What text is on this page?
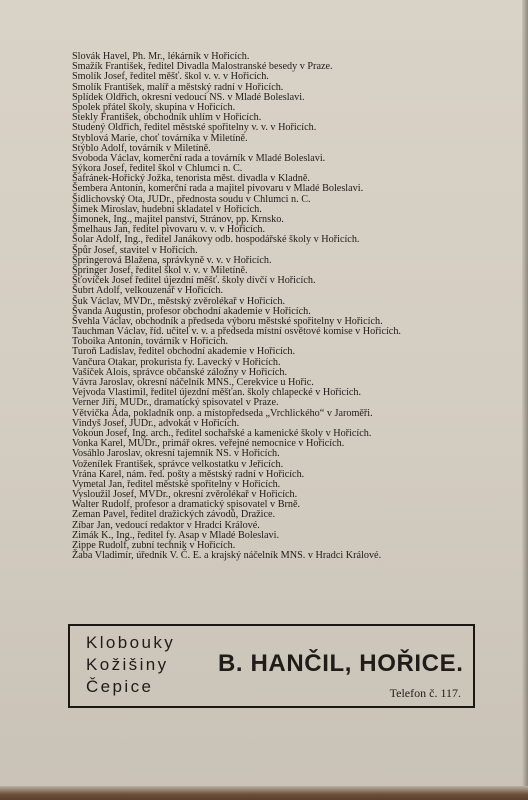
Slovák Havel, Ph. Mr., lékárník v Hořicích.
Smažík František, ředitel Divadla Malostranské besedy v Praze.
Smolík Josef, ředitel měšť. škol v. v. v Hořicích.
Smolík František, malíř a městský radní v Hořicích.
Splídek Oldřich, okresní vedoucí NS. v Mladé Boleslavi.
Spolek přátel školy, skupina v Hořicích.
Stekly František, obchodník uhlím v Hořicích.
Studený Oldřich, ředitel městské spořitelny v. v. v Hořicích.
Styblová Marie, choť továrníka v Miletíně.
Stýblo Adolf, továrník v Miletíně.
Svoboda Václav, komerční rada a továrník v Mladé Boleslavi.
Sýkora Josef, ředitel škol v Chlumci n. C.
Šafránek-Hořický Jožka, tenorista měst. divadla v Kladně.
Šembera Antonín, komerční rada a majitel pivovaru v Mladé Boleslavi.
Šidlichovský Ota, JUDr., přednosta soudu v Chlumci n. C.
Šimek Miroslav, hudební skladatel v Hořicích.
Šimonek, Ing., majitel panství, Stránov, pp. Krnsko.
Šmelhaus Jan, ředitel pivovaru v. v. v Hořicích.
Šolar Adolf, Ing., ředitel Janákovy odb. hospodářské školy v Hořicích.
Špůr Josef, stavitel v Hořicích.
Šprìngerová Blažena, správkyně v. v. v Hořicích.
Šprìnger Josef, ředitel škol v. v. v Miletíně.
Šťovíček Josef ředitel újezdní měšť. školy dívčí v Hořicích.
Šubrt Adolf, velkouzenář v Hořicích.
Šuk Václav, MVDr., městský zvěrolékař v Hořicích.
Švanda Augustin, profesor obchodní akademie v Hořicích.
Švehla Václav, obchodník a předseda výboru městské spořitelny v Hořicích.
Tauchman Václav, říd. učitel v. v. a předseda místní osvětové komise v Hořicích.
Toboika Antonín, továrník v Hořicích.
Turoň Ladislav, ředitel obchodní akademie v Hořicích.
Vančura Otakar, prokurista fy. Lavecký v Hořicích.
Vašíček Alois, správce občanské záložny v Hořicích.
Vávra Jaroslav, okresní náčelník MNS., Cerekvice u Hořic.
Vejvoda Vlastimil, ředitel újezdní měšťan. školy chlapecké v Hořicích.
Verner Jiří, MUDr., dramatický spisovatel v Praze.
Větvička Áda, pokladník onp. a místopředseda „Vrchlického“ v Jaroměři.
Vindyš Josef, JUDr., advokát v Hořicích.
Vokoun Josef, Ing. arch., ředitel sochařské a kamenické školy v Hořicích.
Vonka Karel, MUDr., primář okres. veřejné nemocnice v Hořicích.
Vosáhlo Jaroslav, okresní tajemník NS. v Hořicích.
Voženílek František, správce velkostatku v Jeřicích.
Vrána Karel, nám. řed. pošty a městský radní v Hořicích.
Vymetal Jan, ředitel městské spořitelny v Hořicích.
Vysloužil Josef, MVDr., okresní zvěrolékař v Hořicích.
Walter Rudolf, profesor a dramatický spisovatel v Brně.
Zeman Pavel, ředitel dražických závodů, Dražice.
Zíbar Jan, vedoucí redaktor v Hradci Králové.
Zimák K., Ing., ředitel fy. Asap v Mladé Boleslavi.
Zippe Rudolf, zubní technik v Hořicích.
Žaba Vladimír, úředník V. Č. E. a krajský náčelník MNS. v Hradci Králové.
Klobouky
Kožišiny
Čepice
B. HANČIL, HOŘICE.
Telefon č. 117.
